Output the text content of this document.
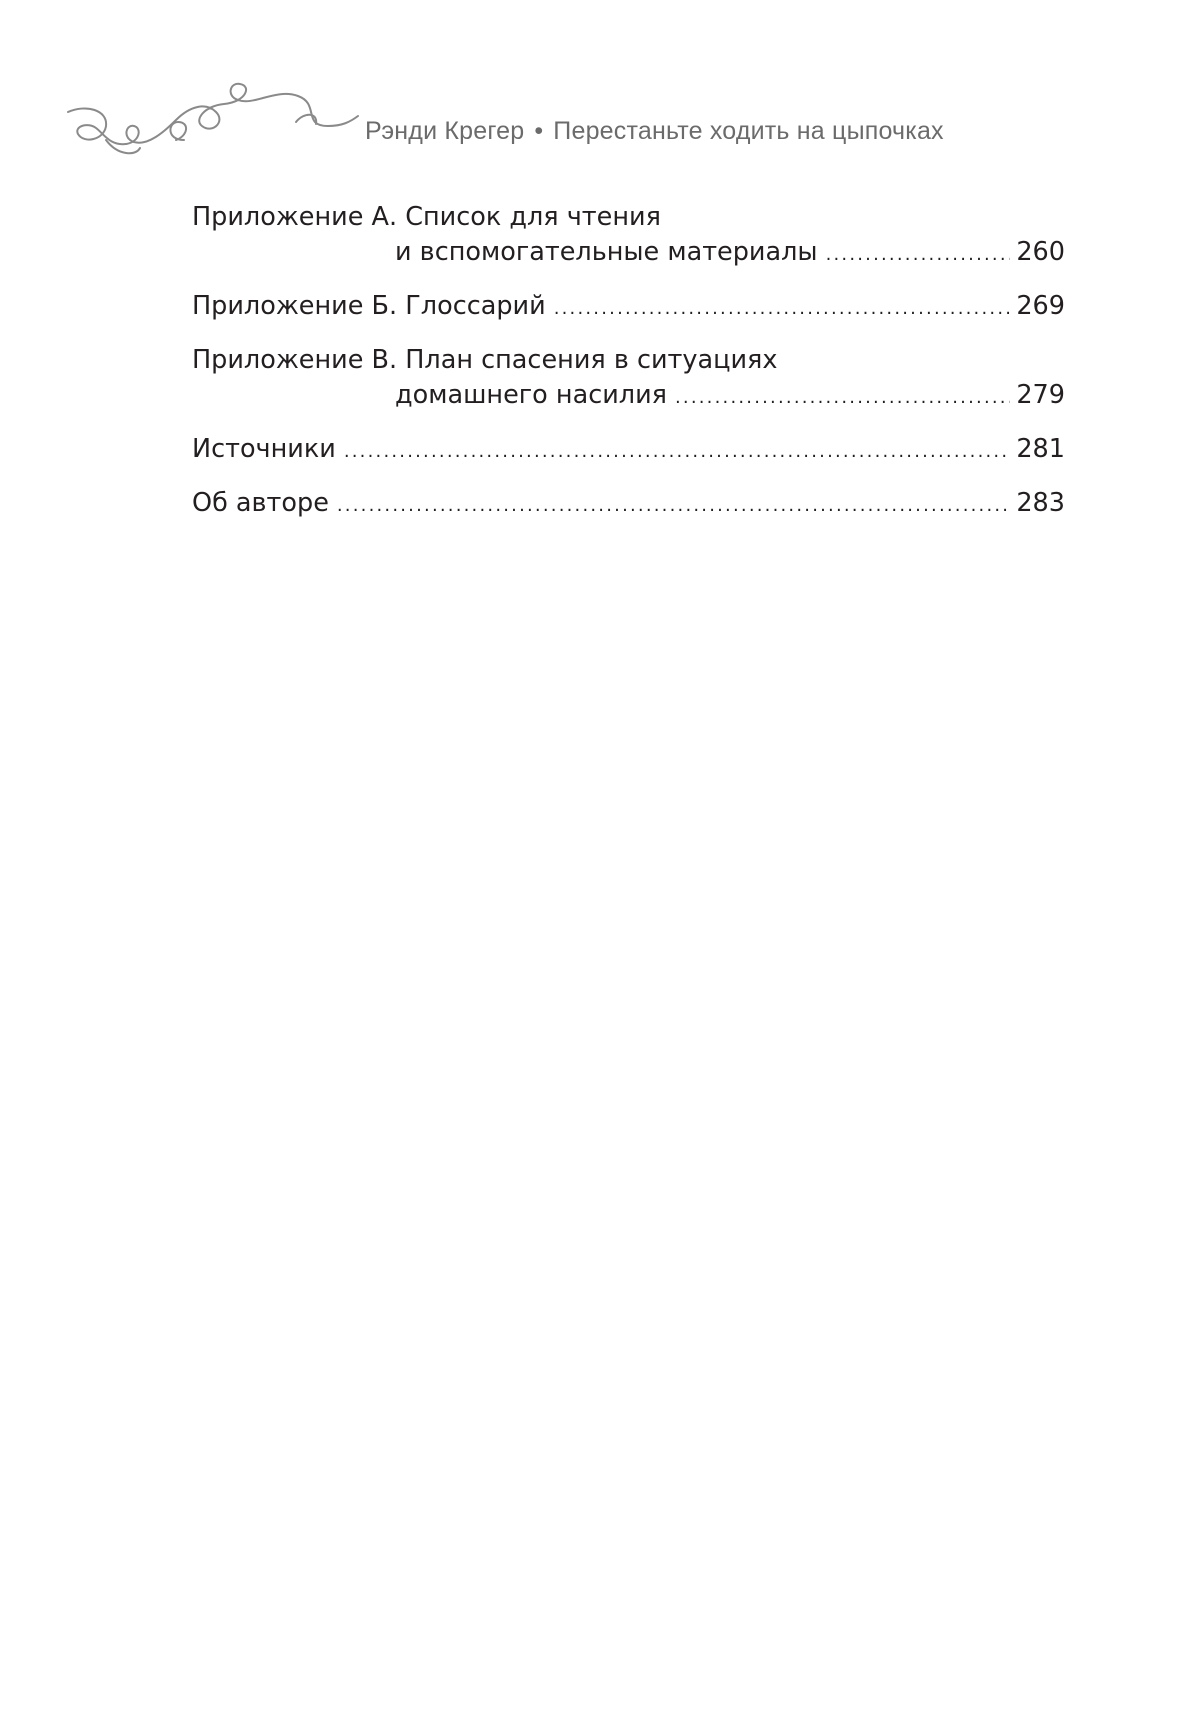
Рэнди Крегер • Перестаньте ходить на цыпочках
Приложение А. Список для чтения
и вспомогательные материалы .....	260
Приложение Б. Глоссарий .....	269
Приложение В. План спасения в ситуациях
домашнего насилия .....	279
Источники .....	281
Об авторе .....	283
